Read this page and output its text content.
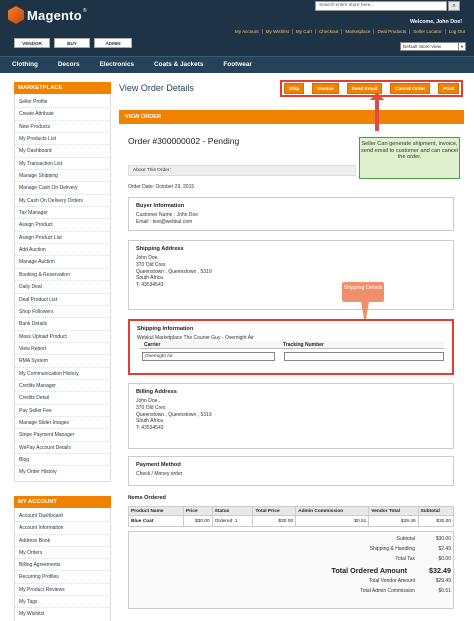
Magento ®
Search entire store here...	⌕
Welcome, John Doe!
My Account	My Wishlist	My Cart	Checkout	Marketplace	Deal Products	Seller Locator	Log Out
VENDOR LOGIN
BUY NOW
ADMIN LOGIN
Default Store View	▼
Clothing	Decors	Electronics	Coats & Jackets	Footwear
MARKETPLACE
Seller Profile
Create Attribute
New Products
My Products List
My Dashboard
My Transaction List
Manage Shipping
Manage Cash On Delivery
My Cash On Delivery Orders
Tax Manager
Assign Product
Assign Product List
Add Auction
Manage Auction
Booking & Reservation
Daily Deal
Deal Product List
Shop Followers
Bank Details
Mass Upload Product
View Report
RMA System
My Communication History
Credits Manager
Credits Detail
Pay Seller Fee
Manage Slider Images
Stripe Payment Manager
WePay Account Details
Blog
My Order History
MY ACCOUNT
Account Dashboard
Account Information
Address Book
My Orders
Billing Agreements
Recurring Profiles
My Product Reviews
My Tags
My Wishlist
View Order Details	Ship	Invoice	Send Email	Cancel Order	Print
VIEW ORDER
Order #300000002 - Pending	Seller Can generate shipment, invoice, send email to customer and can cancel the order.
About This Order:
Order Date: October 29, 2015
Buyer Information
Customer Name : John Doe
Email : test@webkul.com
Shipping Address
John Doe
370 Old Cres
Queenstown , Queenstown , 5319
South Africa
T: 43534543	Shipping Details
Shipping Information
Webkul Marketplace The Courier Guy - Overnight Air
Carrier	Tracking Number
Overnight Air
Billing Address
John Doe
370 Old Cres
Queenstown , Queenstown , 5319
South Africa
T: 43534543
Payment Method
Check / Money order
Items Ordered
Product Name	Price	Status	Total Price	Admin Commission	Vendor Total	Subtotal
Blue Coat	$30.00	Ordered: 1	$30.00	$0.51	$29.49	$30.00
Subtotal	$30.00
Shipping & Handling	$2.49
Total Tax	$0.00
Total Ordered Amount	$32.49
Total Vendor Amount	$29.49
Total Admin Commission	$0.51
